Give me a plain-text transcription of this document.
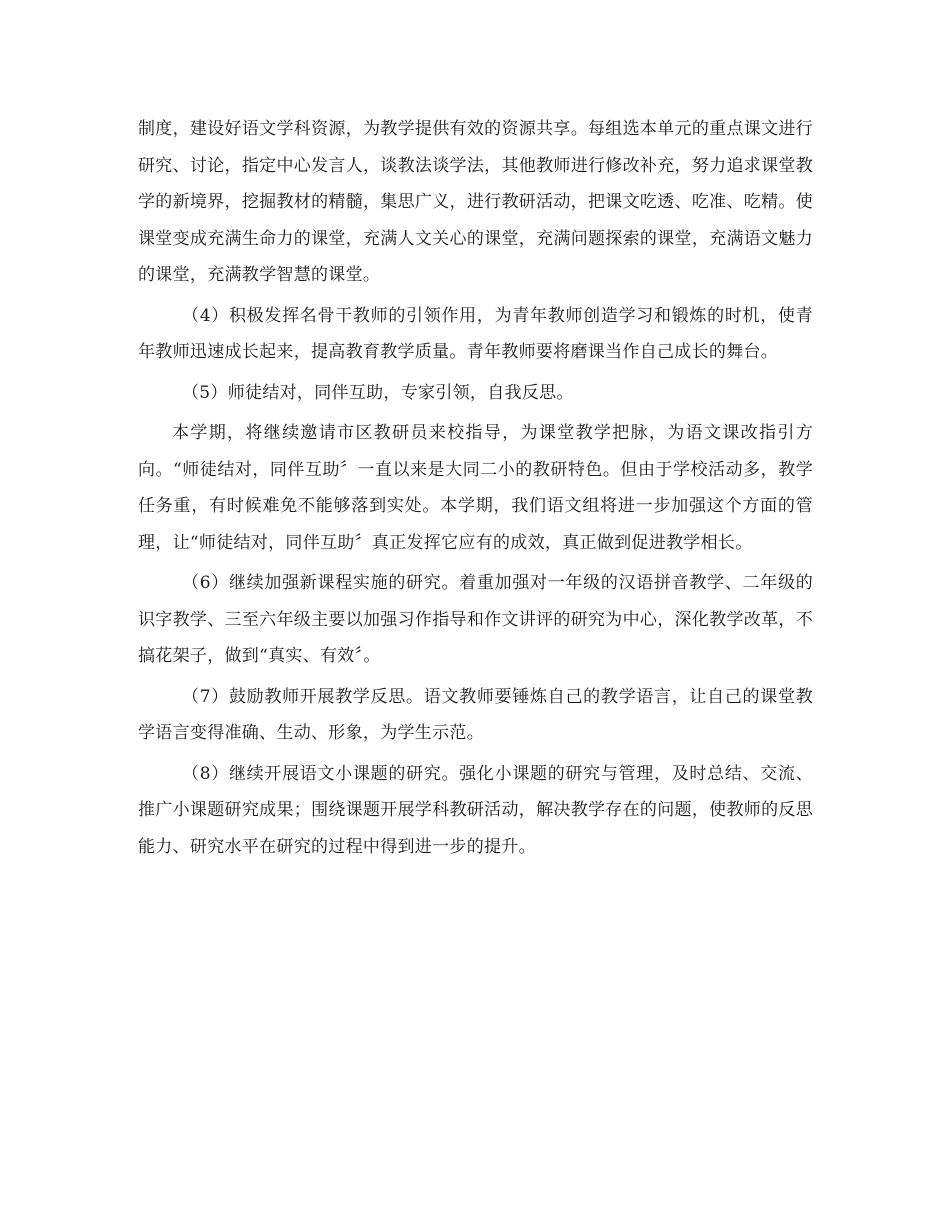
制度，建设好语文学科资源，为教学提供有效的资源共享。每组选本单元的重点课文进行研究、讨论，指定中心发言人，谈教法谈学法，其他教师进行修改补充，努力追求课堂教学的新境界，挖掘教材的精髓，集思广义，进行教研活动，把课文吃透、吃准、吃精。使课堂变成充满生命力的课堂，充满人文关心的课堂，充满问题探索的课堂，充满语文魅力的课堂，充满教学智慧的课堂。

（4）积极发挥名骨干教师的引领作用，为青年教师创造学习和锻炼的时机，使青年教师迅速成长起来，提高教育教学质量。青年教师要将磨课当作自己成长的舞台。

（5）师徒结对，同伴互助，专家引领，自我反思。

本学期，将继续邀请市区教研员来校指导，为课堂教学把脉，为语文课改指引方向。“师徒结对，同伴互助〞一直以来是大同二小的教研特色。但由于学校活动多，教学任务重，有时候难免不能够落到实处。本学期，我们语文组将进一步加强这个方面的管理，让“师徒结对，同伴互助〞真正发挥它应有的成效，真正做到促进教学相长。

（6）继续加强新课程实施的研究。着重加强对一年级的汉语拼音教学、二年级的识字教学、三至六年级主要以加强习作指导和作文讲评的研究为中心，深化教学改革，不搞花架子，做到“真实、有效〞。

（7）鼓励教师开展教学反思。语文教师要锤炼自己的教学语言，让自己的课堂教学语言变得准确、生动、形象，为学生示范。

（8）继续开展语文小课题的研究。强化小课题的研究与管理，及时总结、交流、推广小课题研究成果；围绕课题开展学科教研活动，解决教学存在的问题，使教师的反思能力、研究水平在研究的过程中得到进一步的提升。
